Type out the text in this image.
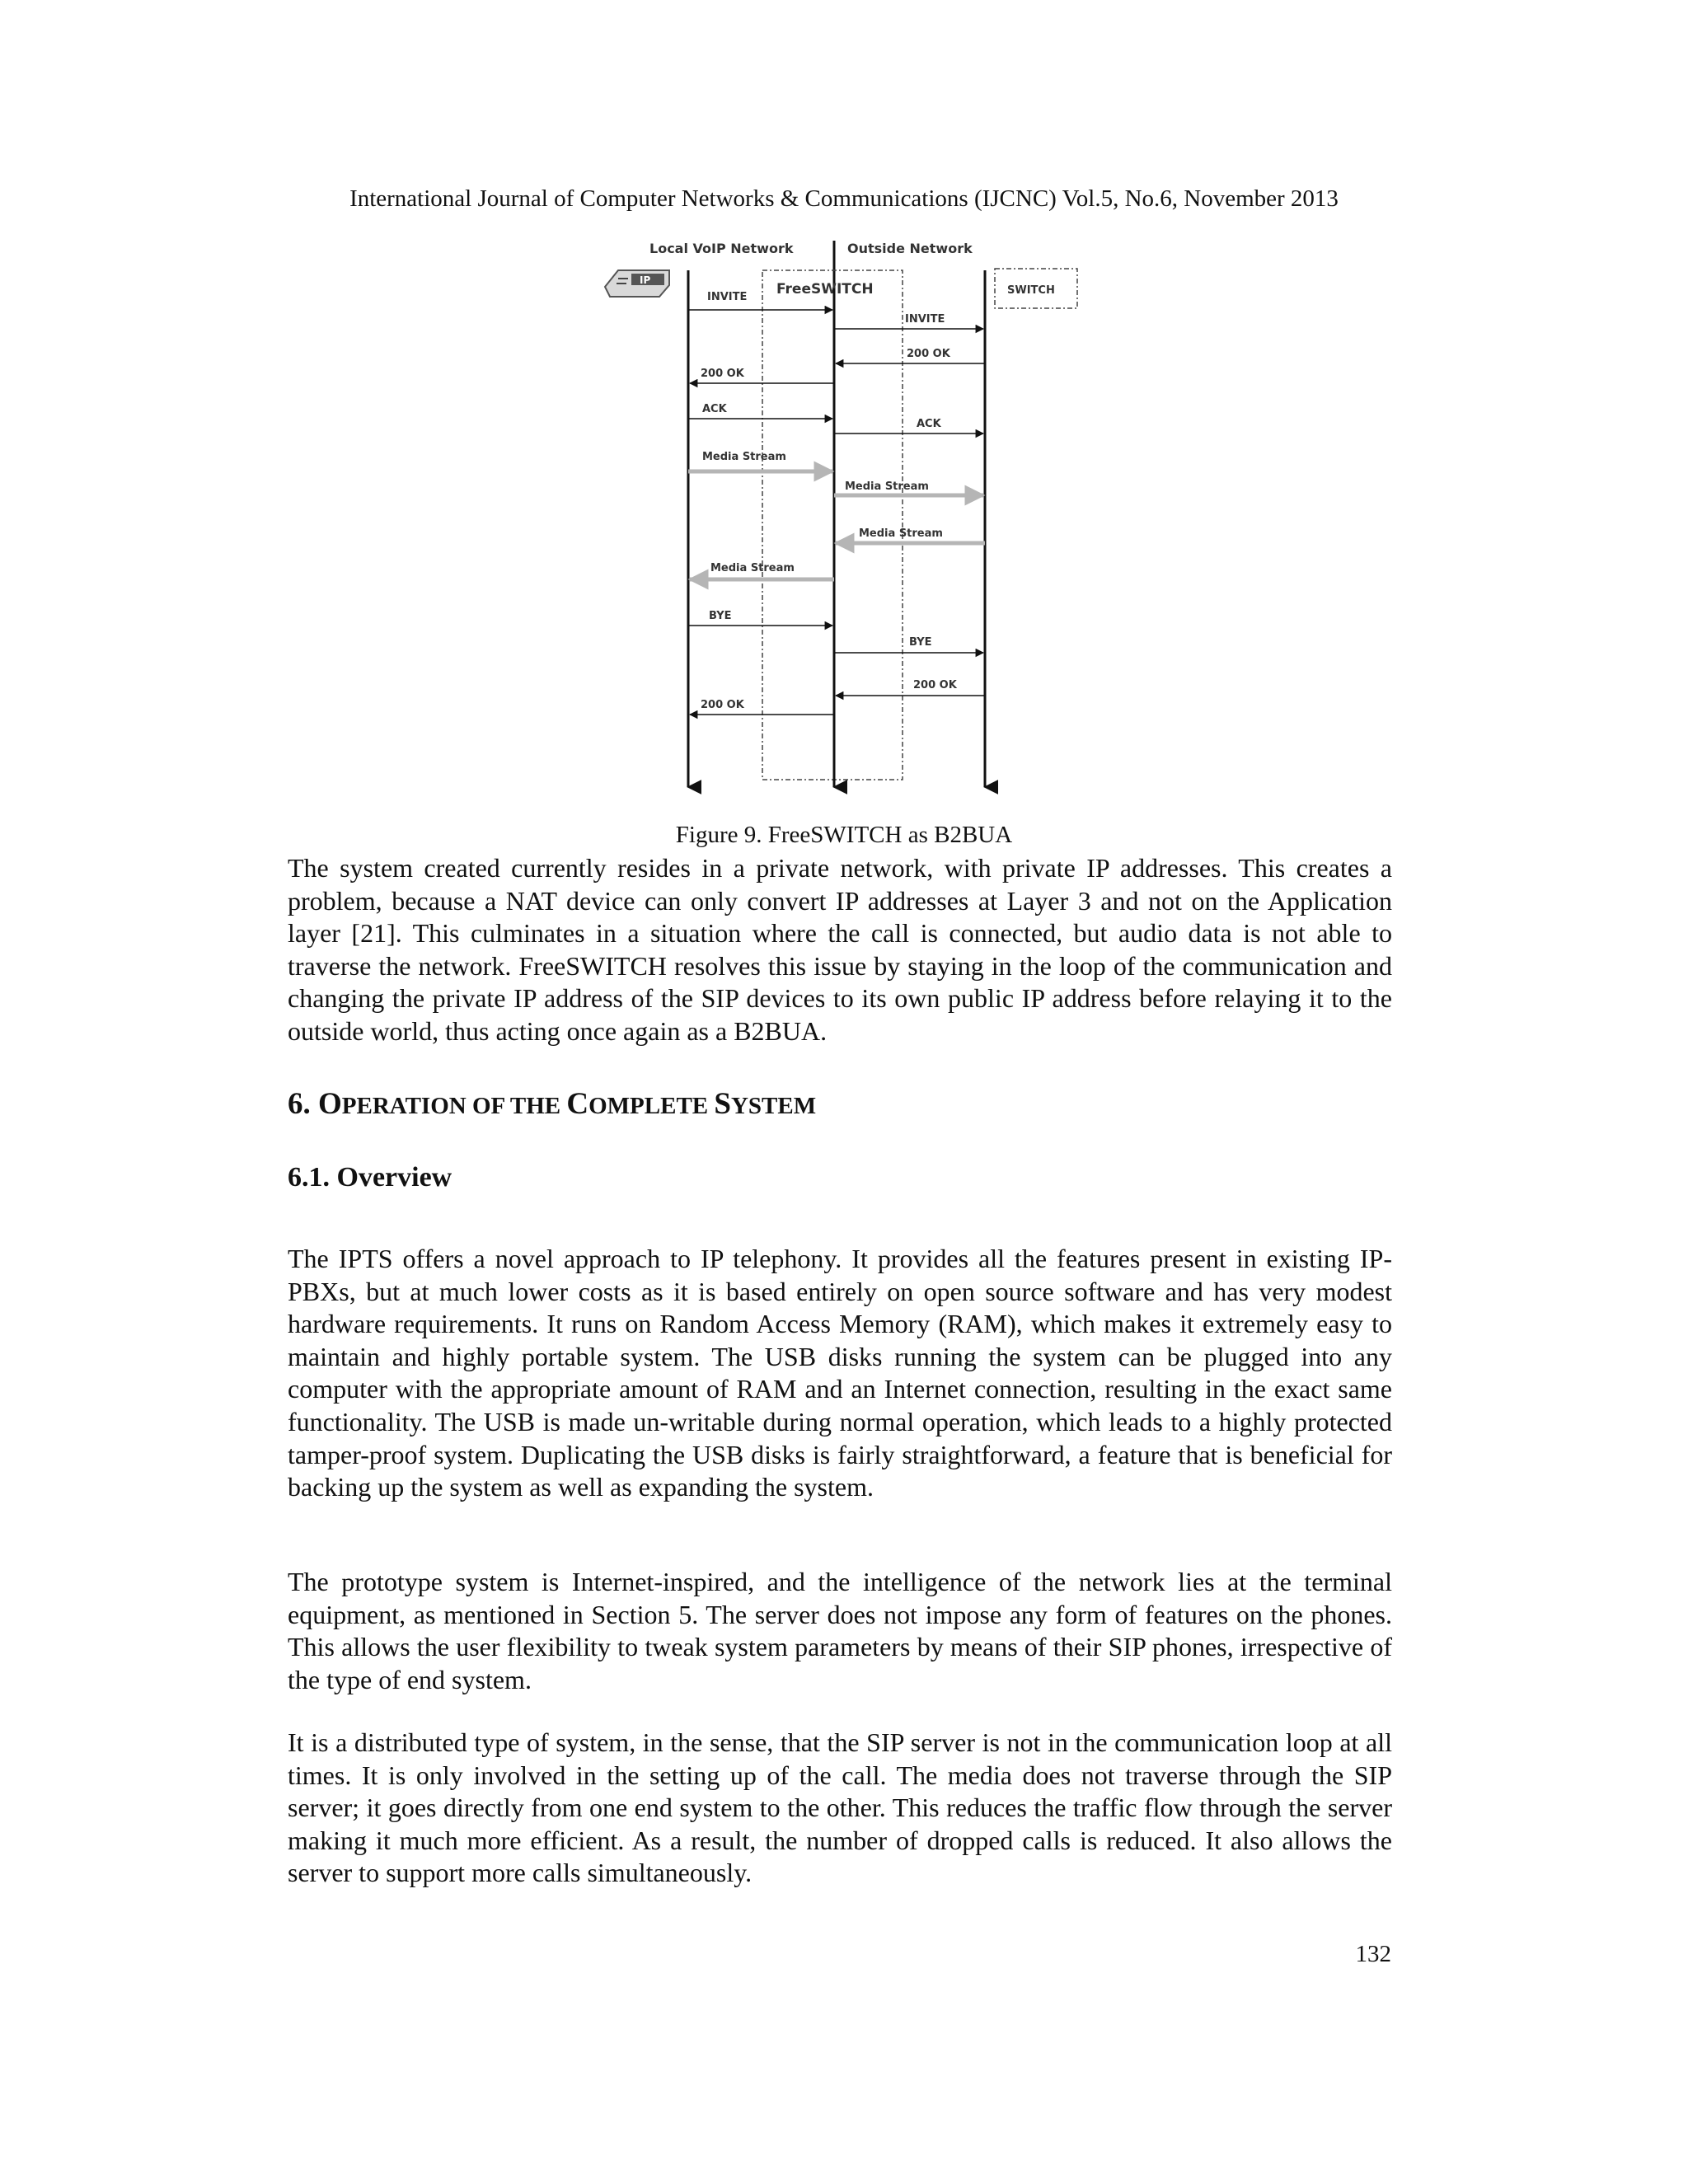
International Journal of Computer Networks & Communications (IJCNC) Vol.5, No.6, November 2013
Local VoIP Network	Outside Network
IP
FreeSWITCH	SWITCH
INVITE
INVITE
200 OK
200 OK
ACK
ACK
Media Stream
Media Stream
Media Stream
Media Stream
BYE
BYE
200 OK
200 OK
Figure 9. FreeSWITCH as B2BUA

The system created currently resides in a private network, with private IP addresses. This creates a problem, because a NAT device can only convert IP addresses at Layer 3 and not on the Application layer [21]. This culminates in a situation where the call is connected, but audio data is not able to traverse the network. FreeSWITCH resolves this issue by staying in the loop of the communication and changing the private IP address of the SIP devices to its own public IP address before relaying it to the outside world, thus acting once again as a B2BUA.

6. OPERATION OF THE COMPLETE SYSTEM
6.1. Overview

The IPTS offers a novel approach to IP telephony. It provides all the features present in existing IP-PBXs, but at much lower costs as it is based entirely on open source software and has very modest hardware requirements. It runs on Random Access Memory (RAM), which makes it extremely easy to maintain and highly portable system. The USB disks running the system can be plugged into any computer with the appropriate amount of RAM and an Internet connection, resulting in the exact same functionality. The USB is made un-writable during normal operation, which leads to a highly protected tamper-proof system. Duplicating the USB disks is fairly straightforward, a feature that is beneficial for backing up the system as well as expanding the system.

The prototype system is Internet-inspired, and the intelligence of the network lies at the terminal equipment, as mentioned in Section 5. The server does not impose any form of features on the phones. This allows the user flexibility to tweak system parameters by means of their SIP phones, irrespective of the type of end system.

It is a distributed type of system, in the sense, that the SIP server is not in the communication loop at all times. It is only involved in the setting up of the call. The media does not traverse through the SIP server; it goes directly from one end system to the other. This reduces the traffic flow through the server making it much more efficient. As a result, the number of dropped calls is reduced. It also allows the server to support more calls simultaneously.

132
